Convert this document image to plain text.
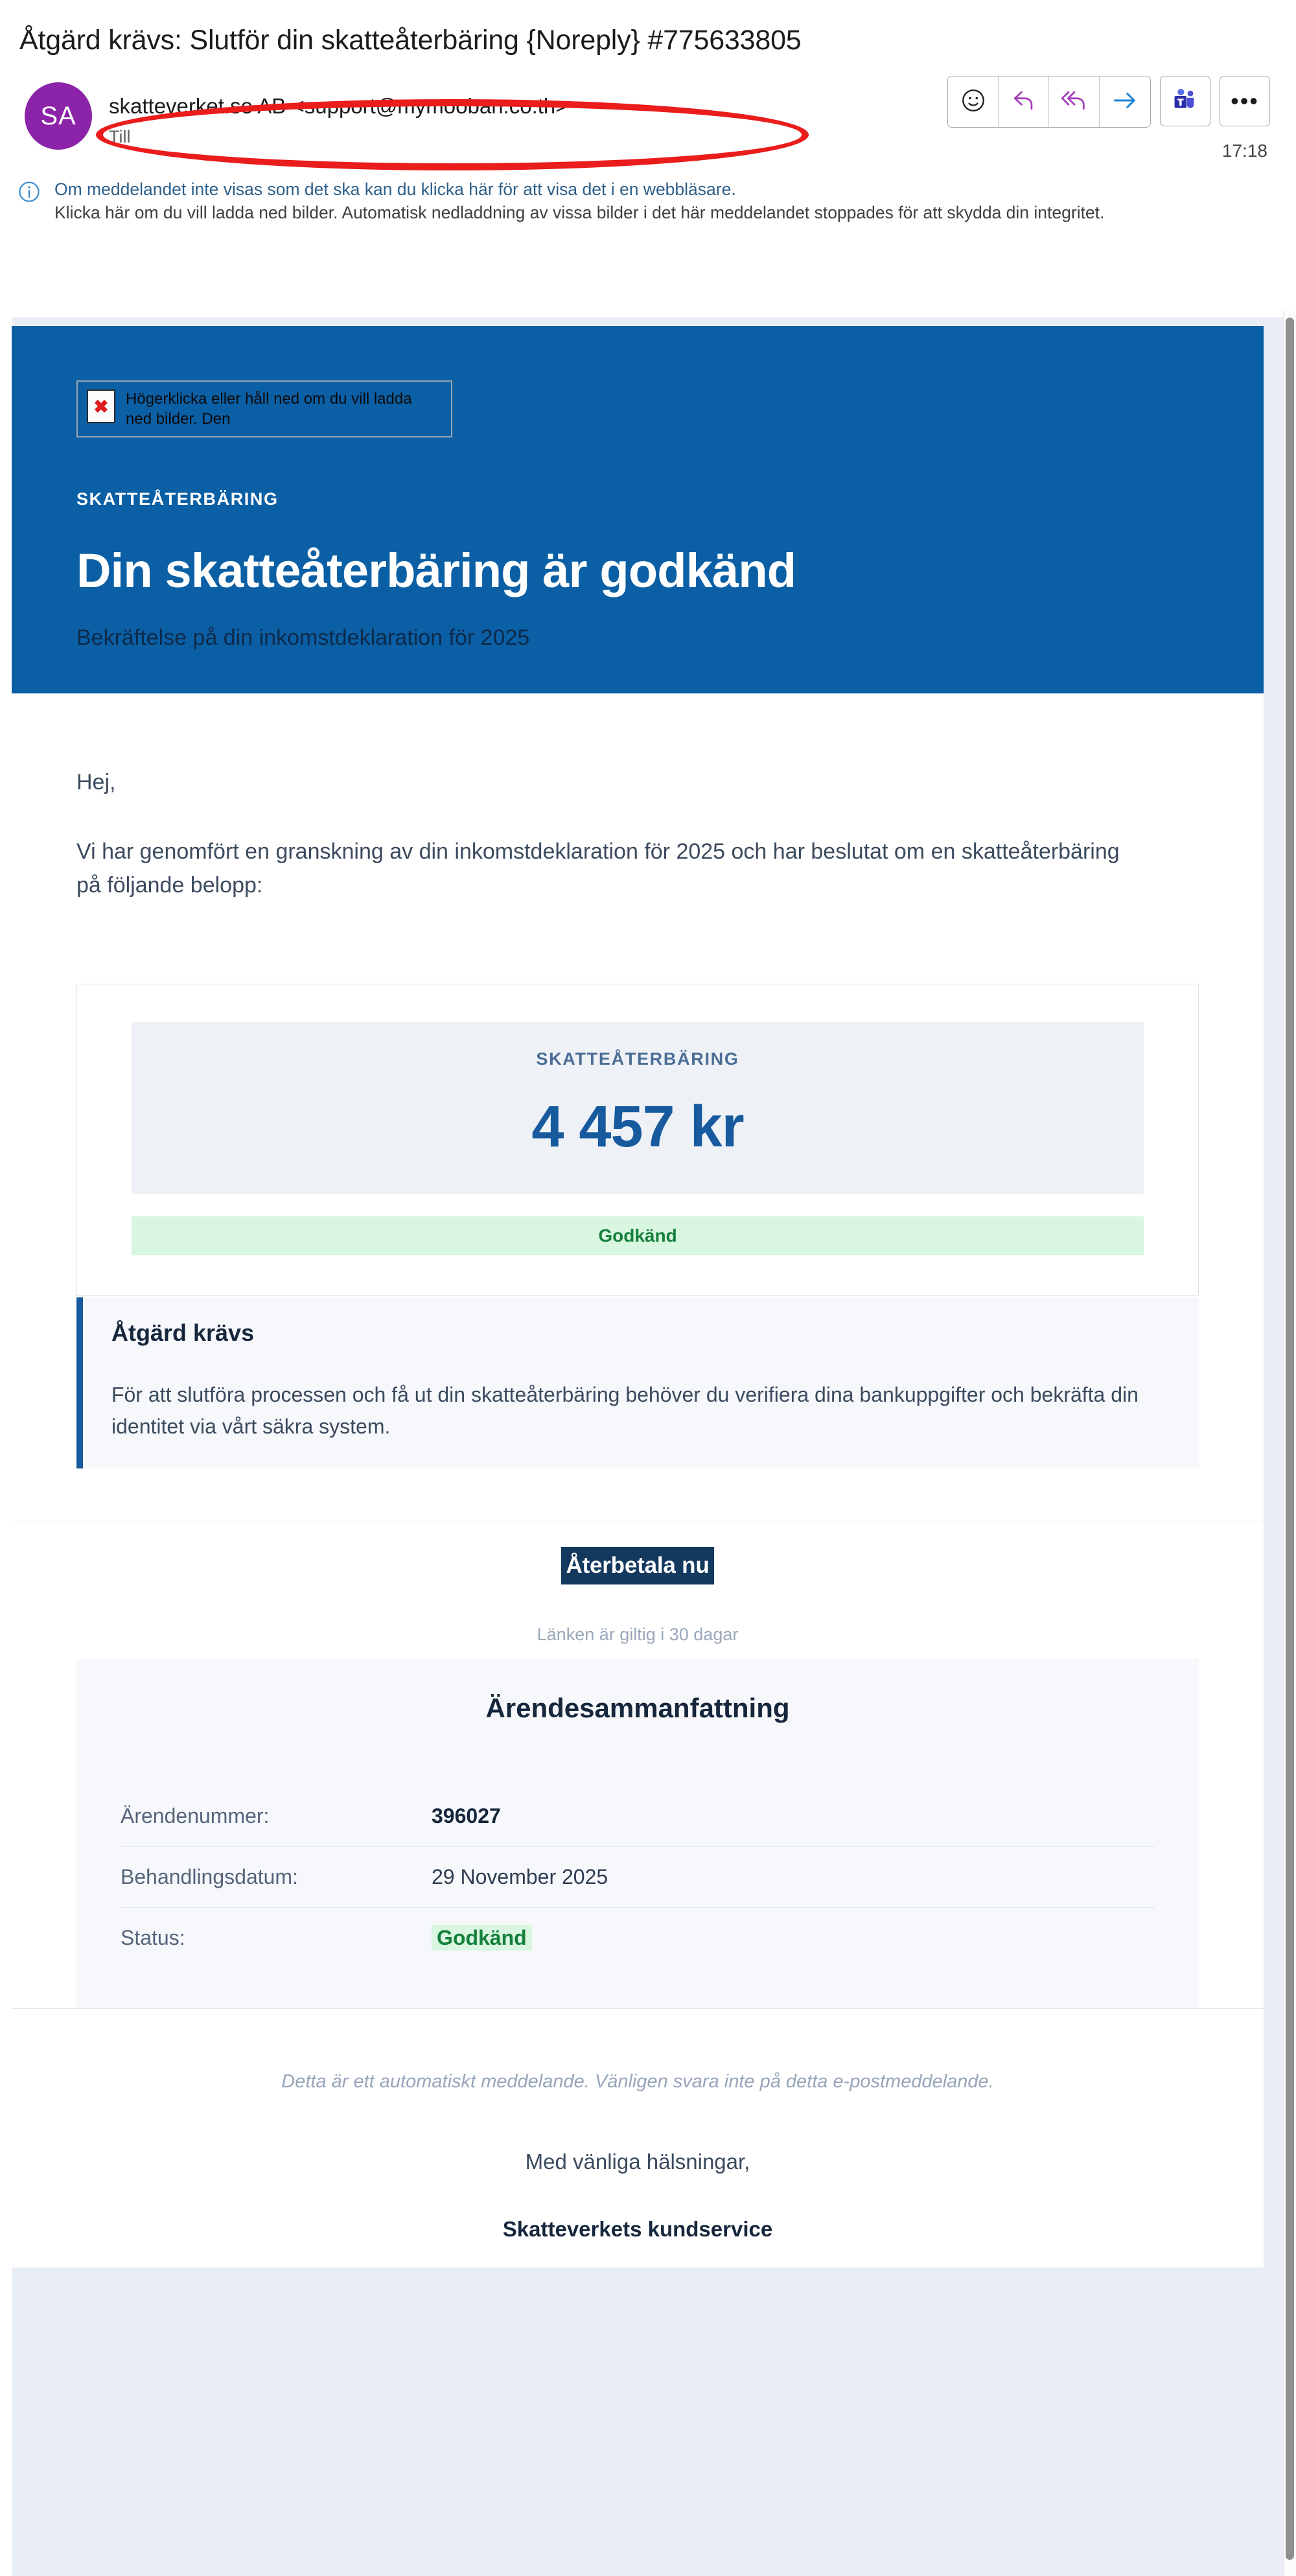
Åtgärd krävs: Slutför din skatteåterbäring {Noreply} #775633805
SA	skatteverket.se AB <support@mymooban.co.th>
Till
•••
17:18
Om meddelandet inte visas som det ska kan du klicka här för att visa det i en webbläsare.
Klicka här om du vill ladda ned bilder. Automatisk nedladdning av vissa bilder i det här meddelandet stoppades för att skydda din integritet.
✖	Högerklicka eller håll ned om du vill ladda ned bilder. Den
SKATTEÅTERBÄRING
Din skatteåterbäring är godkänd
Bekräftelse på din inkomstdeklaration för 2025
Hej,
Vi har genomfört en granskning av din inkomstdeklaration för 2025 och har beslutat om en skatteåterbäring på följande belopp:
SKATTEÅTERBÄRING
4 457 kr
Godkänd
Åtgärd krävs
För att slutföra processen och få ut din skatteåterbäring behöver du verifiera dina bankuppgifter och bekräfta din identitet via vårt säkra system.
Återbetala nu
Länken är giltig i 30 dagar
Ärendesammanfattning
Ärendenummer:	396027
Behandlingsdatum:	29 November 2025
Status:	Godkänd
Detta är ett automatiskt meddelande. Vänligen svara inte på detta e-postmeddelande.
Med vänliga hälsningar,
Skatteverkets kundservice
